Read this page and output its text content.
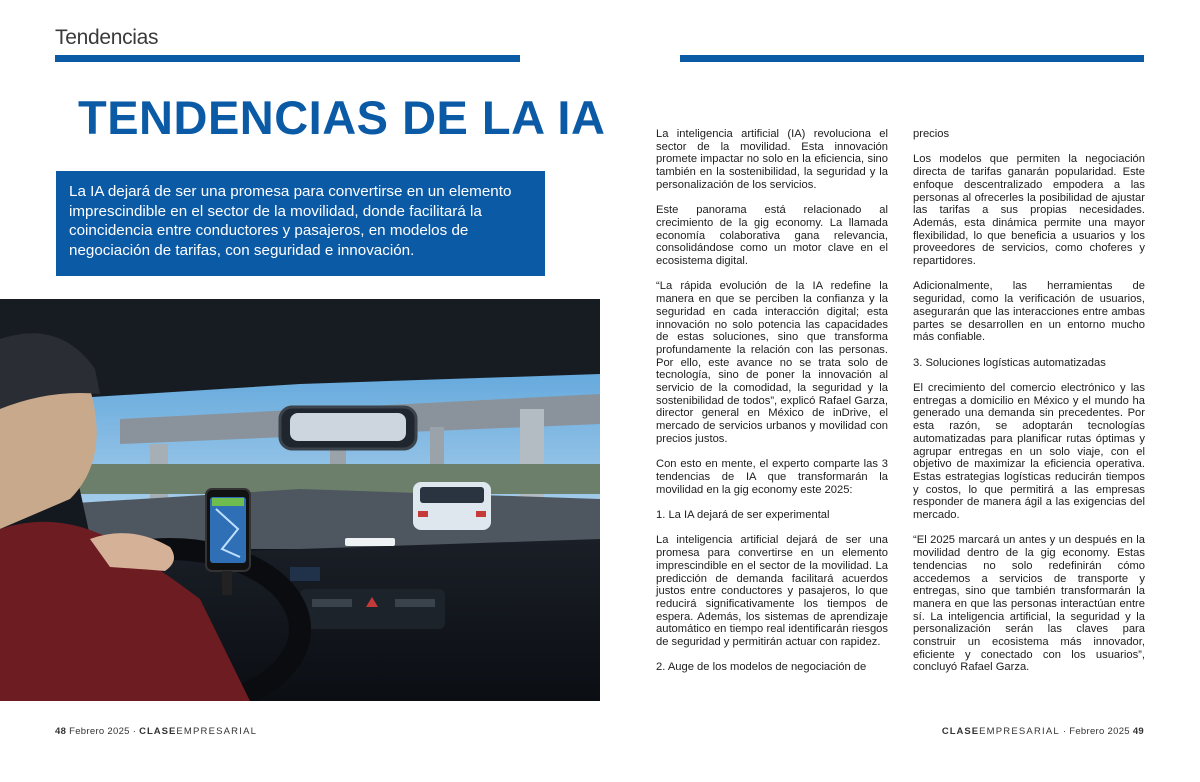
Tendencias
TENDENCIAS DE LA IA
La IA dejará de ser una promesa para convertirse en un elemento imprescindible en el sector de la movilidad, donde facilitará la coincidencia entre conductores y pasajeros, en modelos de negociación de tarifas, con seguridad e innovación.

La inteligencia artificial (IA) revoluciona el sector de la movilidad. Esta innovación promete impactar no solo en la eficiencia, sino también en la sostenibilidad, la seguridad y la personalización de los servicios.

Este panorama está relacionado al crecimiento de la gig economy. La llamada economía colaborativa gana relevancia, consolidándose como un motor clave en el ecosistema digital.

“La rápida evolución de la IA redefine la manera en que se perciben la confianza y la seguridad en cada interacción digital; esta innovación no solo potencia las capacidades de estas soluciones, sino que transforma profundamente la relación con las personas. Por ello, este avance no se trata solo de tecnología, sino de poner la innovación al servicio de la comodidad, la seguridad y la sostenibilidad de todos”, explicó Rafael Garza, director general en México de inDrive, el mercado de servicios urbanos y movilidad con precios justos.

Con esto en mente, el experto comparte las 3 tendencias de IA que transformarán la movilidad en la gig economy este 2025:

1. La IA dejará de ser experimental

La inteligencia artificial dejará de ser una promesa para convertirse en un elemento imprescindible en el sector de la movilidad. La predicción de demanda facilitará acuerdos justos entre conductores y pasajeros, lo que reducirá significativamente los tiempos de espera. Además, los sistemas de aprendizaje automático en tiempo real identificarán riesgos de seguridad y permitirán actuar con rapidez.

2. Auge de los modelos de negociación de

precios

Los modelos que permiten la negociación directa de tarifas ganarán popularidad. Este enfoque descentralizado empodera a las personas al ofrecerles la posibilidad de ajustar las tarifas a sus propias necesidades. Además, esta dinámica permite una mayor flexibilidad, lo que beneficia a usuarios y los proveedores de servicios, como choferes y repartidores.

Adicionalmente, las herramientas de seguridad, como la verificación de usuarios, asegurarán que las interacciones entre ambas partes se desarrollen en un entorno mucho más confiable.

3. Soluciones logísticas automatizadas

El crecimiento del comercio electrónico y las entregas a domicilio en México y el mundo ha generado una demanda sin precedentes. Por esta razón, se adoptarán tecnologías automatizadas para planificar rutas óptimas y agrupar entregas en un solo viaje, con el objetivo de maximizar la eficiencia operativa. Estas estrategias logísticas reducirán tiempos y costos, lo que permitirá a las empresas responder de manera ágil a las exigencias del mercado.

“El 2025 marcará un antes y un después en la movilidad dentro de la gig economy. Estas tendencias no solo redefinirán cómo accedemos a servicios de transporte y entregas, sino que también transformarán la manera en que las personas interactúan entre sí. La inteligencia artificial, la seguridad y la personalización serán las claves para construir un ecosistema más innovador, eficiente y conectado con los usuarios”, concluyó Rafael Garza.

48 Febrero 2025 · CLASEEMPRESARIAL	CLASEEMPRESARIAL · Febrero 2025 49
